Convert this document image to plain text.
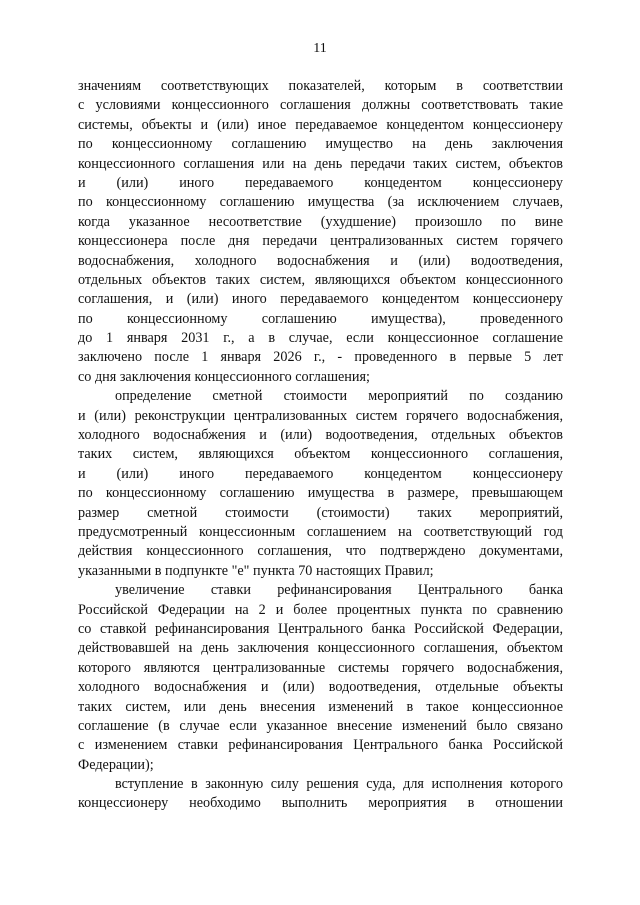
11
значениям соответствующих показателей, которым в соответствии
с условиями концессионного соглашения должны соответствовать такие
системы, объекты и (или) иное передаваемое концедентом концессионеру
по концессионному соглашению имущество на день заключения
концессионного соглашения или на день передачи таких систем, объектов
и (или) иного передаваемого концедентом концессионеру
по концессионному соглашению имущества (за исключением случаев,
когда указанное несоответствие (ухудшение) произошло по вине
концессионера после дня передачи централизованных систем горячего
водоснабжения, холодного водоснабжения и (или) водоотведения,
отдельных объектов таких систем, являющихся объектом концессионного
соглашения, и (или) иного передаваемого концедентом концессионеру
по концессионному соглашению имущества), проведенного
до 1 января 2031 г., а в случае, если концессионное соглашение
заключено после 1 января 2026 г., - проведенного в первые 5 лет
со дня заключения концессионного соглашения;
определение сметной стоимости мероприятий по созданию
и (или) реконструкции централизованных систем горячего водоснабжения,
холодного водоснабжения и (или) водоотведения, отдельных объектов
таких систем, являющихся объектом концессионного соглашения,
и (или) иного передаваемого концедентом концессионеру
по концессионному соглашению имущества в размере, превышающем
размер сметной стоимости (стоимости) таких мероприятий,
предусмотренный концессионным соглашением на соответствующий год
действия концессионного соглашения, что подтверждено документами,
указанными в подпункте "е" пункта 70 настоящих Правил;
увеличение ставки рефинансирования Центрального банка
Российской Федерации на 2 и более процентных пункта по сравнению
со ставкой рефинансирования Центрального банка Российской Федерации,
действовавшей на день заключения концессионного соглашения, объектом
которого являются централизованные системы горячего водоснабжения,
холодного водоснабжения и (или) водоотведения, отдельные объекты
таких систем, или день внесения изменений в такое концессионное
соглашение (в случае если указанное внесение изменений было связано
с изменением ставки рефинансирования Центрального банка Российской
Федерации);
вступление в законную силу решения суда, для исполнения которого
концессионеру необходимо выполнить мероприятия в отношении
